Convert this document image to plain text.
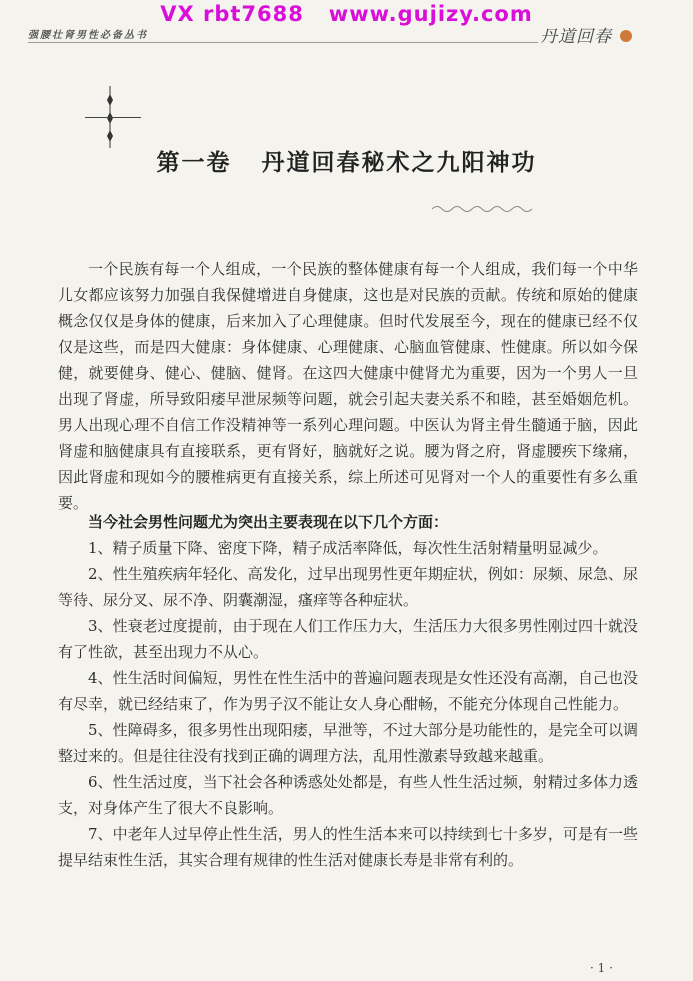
VX rbt7688   www.gujizy.com
强腰壮肾男性必备丛书	丹道回春
第一卷   丹道回春秘术之九阳神功

一个民族有每一个人组成，一个民族的整体健康有每一个人组成，我们每一个中华儿女都应该努力加强自我保健增进自身健康，这也是对民族的贡献。传统和原始的健康概念仅仅是身体的健康，后来加入了心理健康。但时代发展至今，现在的健康已经不仅仅是这些，而是四大健康：身体健康、心理健康、心脑血管健康、性健康。所以如今保健，就要健身、健心、健脑、健肾。在这四大健康中健肾尤为重要，因为一个男人一旦出现了肾虚，所导致阳痿早泄尿频等问题，就会引起夫妻关系不和睦，甚至婚姻危机。男人出现心理不自信工作没精神等一系列心理问题。中医认为肾主骨生髓通于脑，因此肾虚和脑健康具有直接联系，更有肾好，脑就好之说。腰为肾之府，肾虚腰疾下缘痛，因此肾虚和现如今的腰椎病更有直接关系，综上所述可见肾对一个人的重要性有多么重要。

当今社会男性问题尤为突出主要表现在以下几个方面：

1、精子质量下降、密度下降，精子成活率降低，每次性生活射精量明显减少。

2、性生殖疾病年轻化、高发化，过早出现男性更年期症状，例如：尿频、尿急、尿等待、尿分叉、尿不净、阴囊潮湿，瘙痒等各种症状。

3、性衰老过度提前，由于现在人们工作压力大，生活压力大很多男性刚过四十就没有了性欲，甚至出现力不从心。

4、性生活时间偏短，男性在性生活中的普遍问题表现是女性还没有高潮，自己也没有尽幸，就已经结束了，作为男子汉不能让女人身心酣畅，不能充分体现自己性能力。

5、性障碍多，很多男性出现阳痿，早泄等，不过大部分是功能性的，是完全可以调整过来的。但是往往没有找到正确的调理方法，乱用性激素导致越来越重。

6、性生活过度，当下社会各种诱惑处处都是，有些人性生活过频，射精过多体力透支，对身体产生了很大不良影响。

7、中老年人过早停止性生活，男人的性生活本来可以持续到七十多岁，可是有一些提早结束性生活，其实合理有规律的性生活对健康长寿是非常有利的。

· 1 ·
